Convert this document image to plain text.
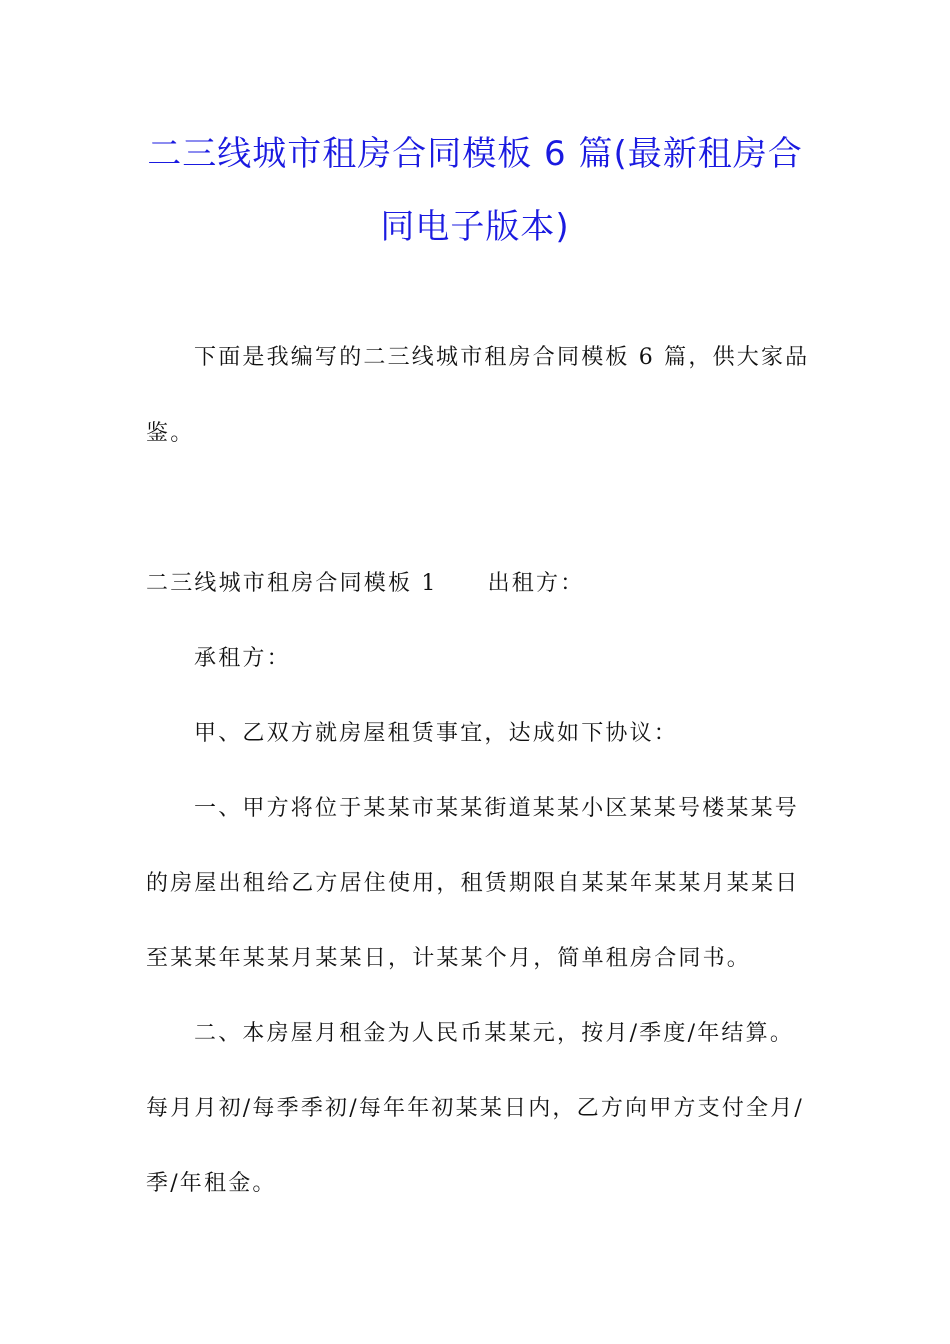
二三线城市租房合同模板 6 篇(最新租房合
同电子版本)
下面是我编写的二三线城市租房合同模板 6 篇，供大家品
鉴。
二三线城市租房合同模板 1 出租方：
承租方：
甲、乙双方就房屋租赁事宜，达成如下协议：
一、甲方将位于某某市某某街道某某小区某某号楼某某号
的房屋出租给乙方居住使用，租赁期限自某某年某某月某某日
至某某年某某月某某日，计某某个月，简单租房合同书。
二、本房屋月租金为人民币某某元，按月/季度/年结算。
每月月初/每季季初/每年年初某某日内，乙方向甲方支付全月/
季/年租金。
